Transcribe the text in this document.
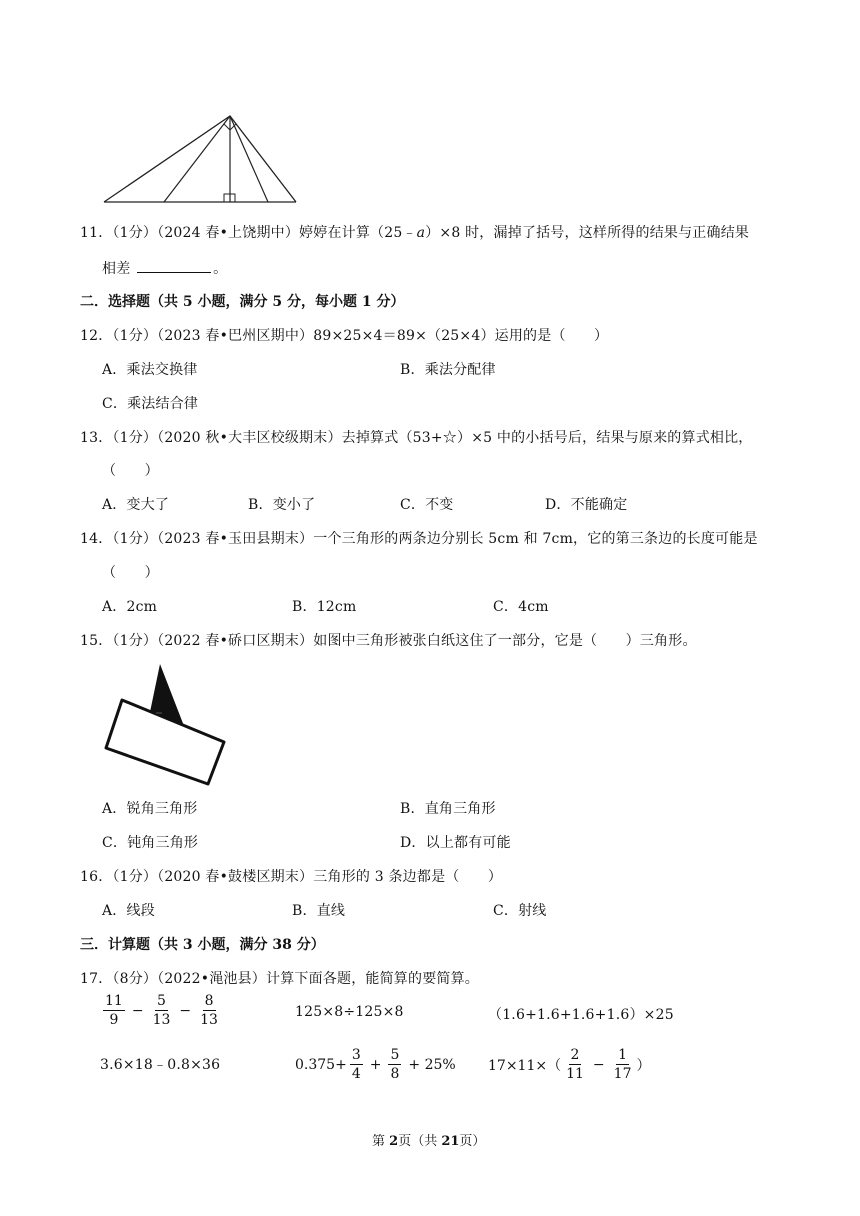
11．（1分）（2024 春•上饶期中）婷婷在计算（25﹣a）×8 时，漏掉了括号，这样所得的结果与正确结果
相差	。
二．选择题（共 5 小题，满分 5 分，每小题 1 分）
12．（1分）（2023 春•巴州区期中）89×25×4＝89×（25×4）运用的是（　　）
A．乘法交换律	B．乘法分配律
C．乘法结合律
13．（1分）（2020 秋•大丰区校级期末）去掉算式（53+☆）×5 中的小括号后，结果与原来的算式相比，
（　　）
A．变大了	B．变小了	C．不变	D．不能确定
14．（1分）（2023 春•玉田县期末）一个三角形的两条边分别长 5cm 和 7cm，它的第三条边的长度可能是
（　　）
A．2cm	B．12cm	C．4cm
15．（1分）（2022 春•硚口区期末）如图中三角形被张白纸这住了一部分，它是（　　）三角形。
A．锐角三角形	B．直角三角形
C．钝角三角形	D．以上都有可能
16．（1分）（2020 春•鼓楼区期末）三角形的 3 条边都是（　　）
A．线段	B．直线	C．射线
三．计算题（共 3 小题，满分 38 分）
17．（8分）（2022•渑池县）计算下面各题，能简算的要简算。
$\frac{11}{9} - \frac{5}{13} - \frac{8}{13}$	125×8÷125×8	（1.6+1.6+1.6+1.6）×25
3.6×18﹣0.8×36	$0.375+ \frac{3}{4} + \frac{5}{8} + 25\%$ $17\times 11\times( \frac{2}{11} - \frac{1}{17}$ ）
第 2页（共 21页）
